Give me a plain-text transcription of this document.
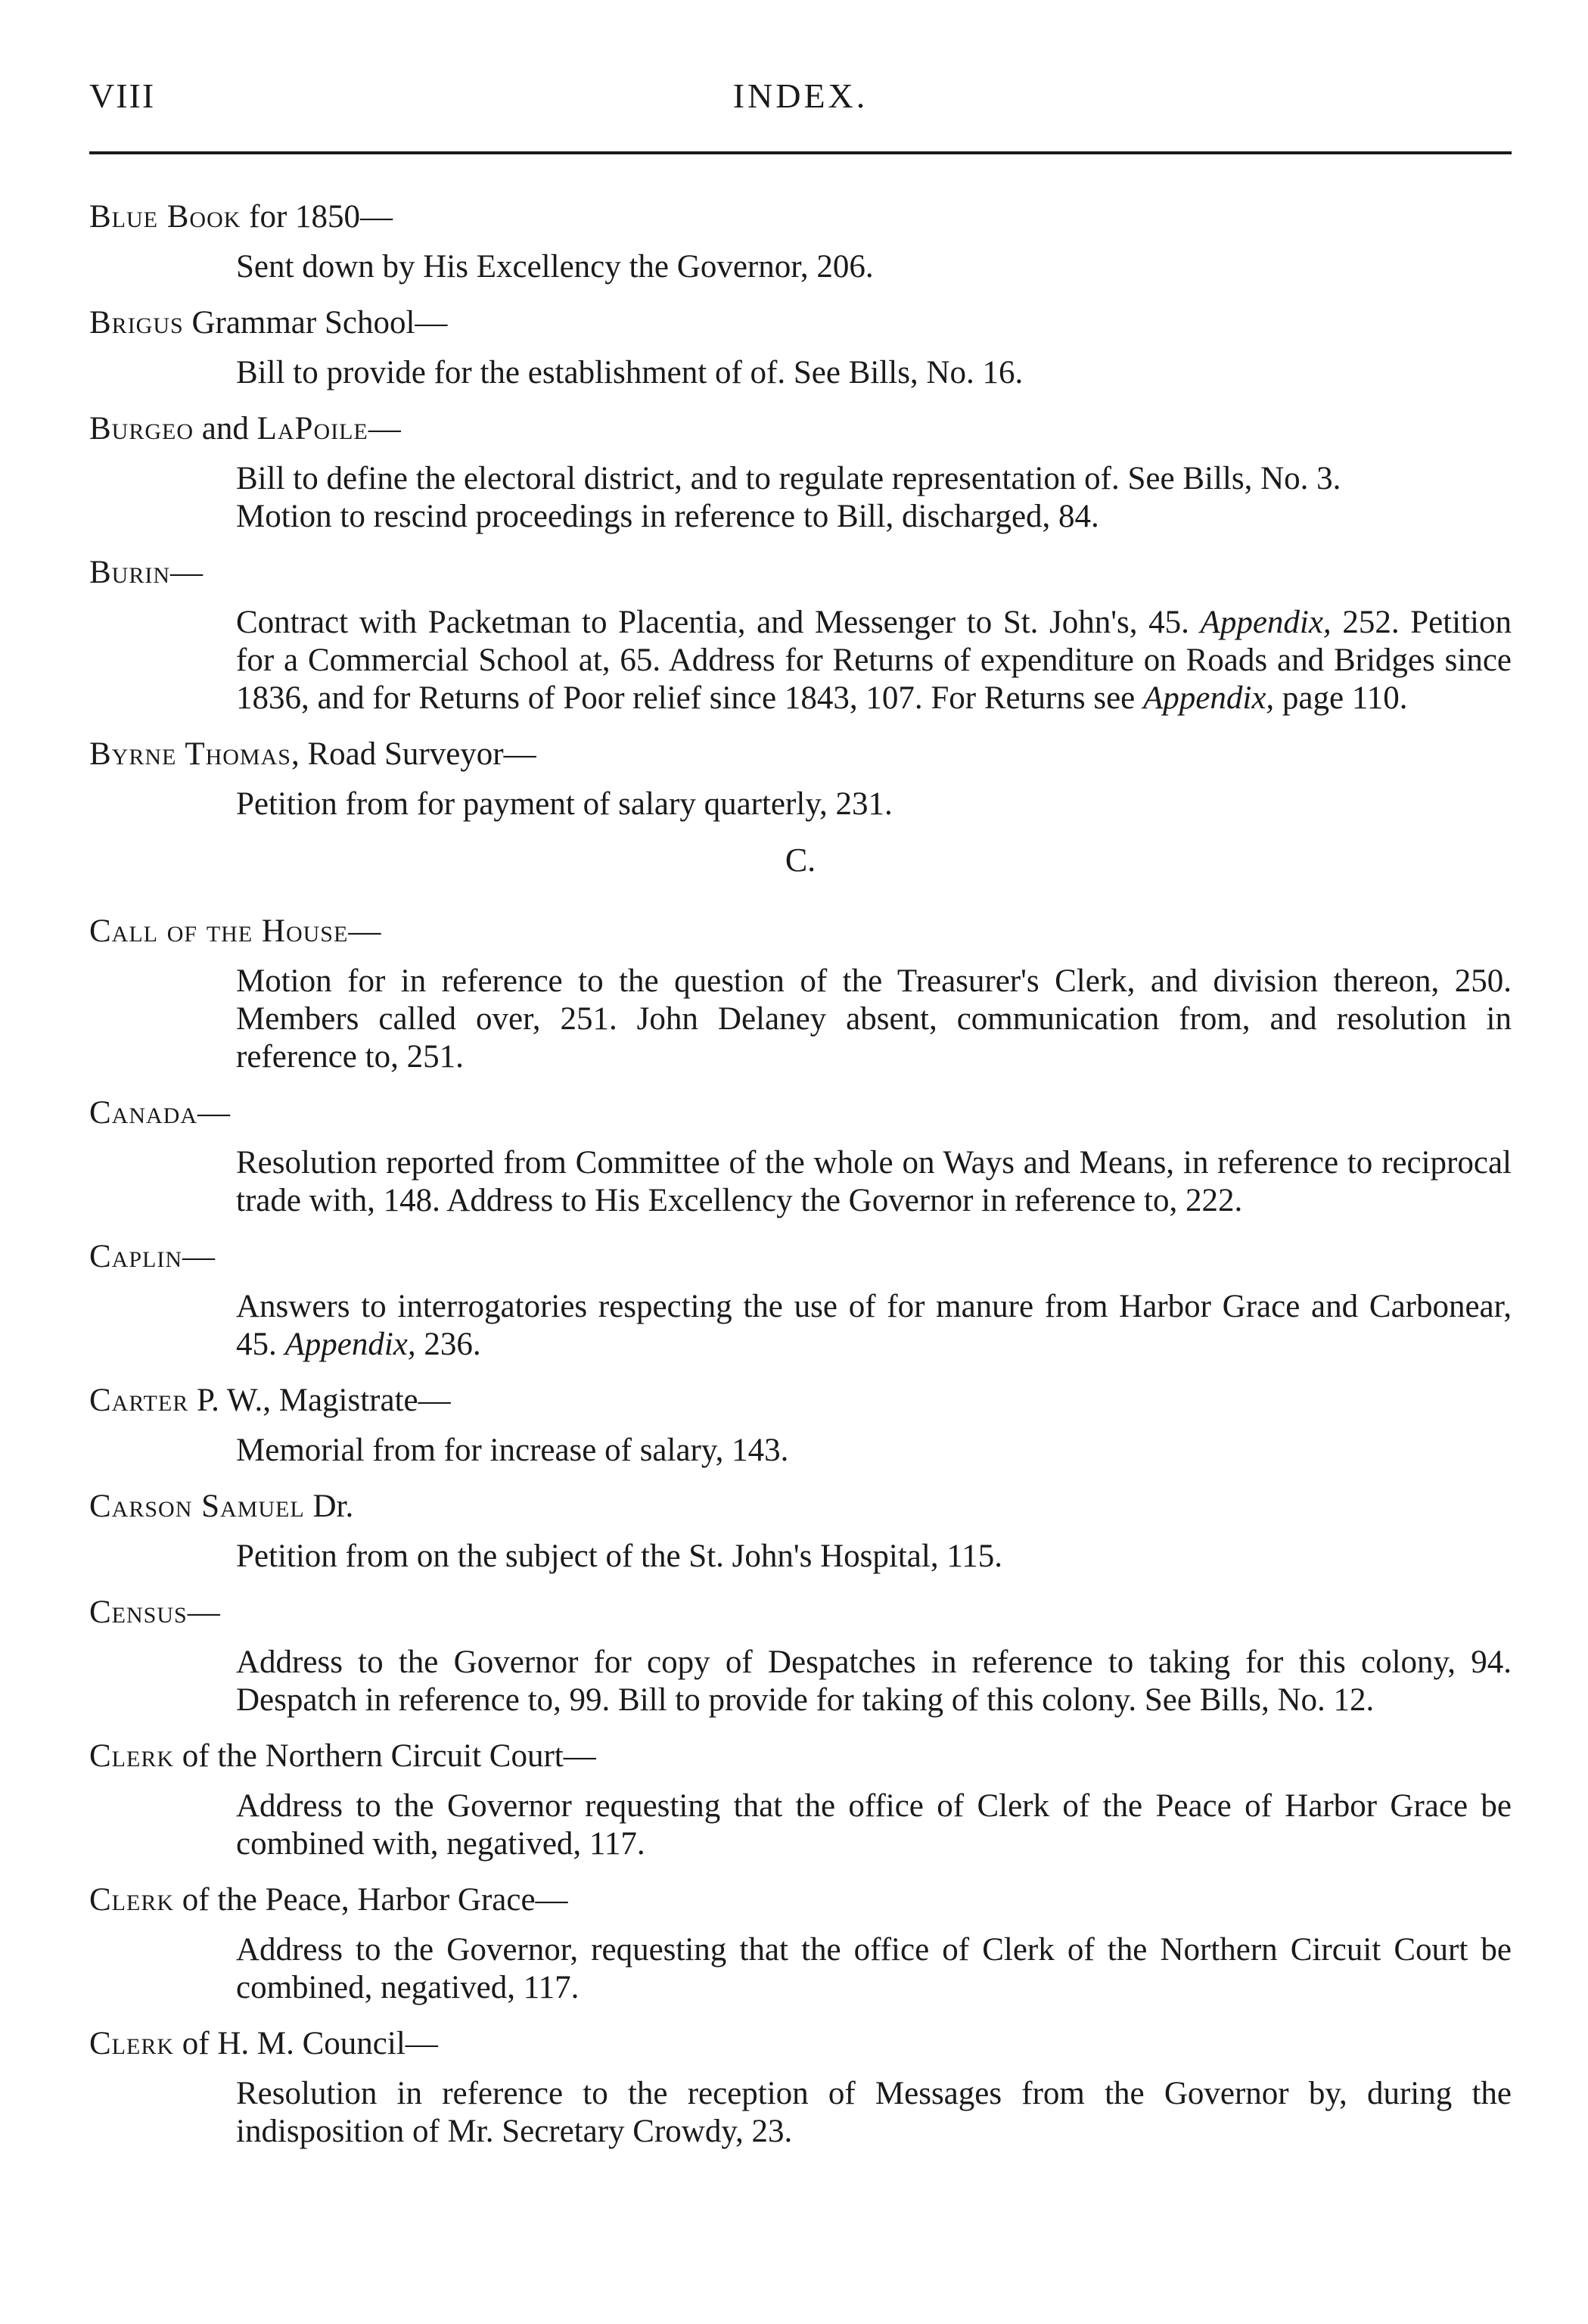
VIII	INDEX.
Blue Book for 1850—
Sent down by His Excellency the Governor, 206.
Brigus Grammar School—
Bill to provide for the establishment of of. See Bills, No. 16.
Burgeo and LaPoile—
Bill to define the electoral district, and to regulate representation of. See Bills, No. 3.
Motion to rescind proceedings in reference to Bill, discharged, 84.
Burin—
Contract with Packetman to Placentia, and Messenger to St. John's, 45. Appendix, 252. Petition for a Commercial School at, 65. Address for Returns of expenditure on Roads and Bridges since 1836, and for Returns of Poor relief since 1843, 107. For Returns see Appendix, page 110.
Byrne Thomas, Road Surveyor—
Petition from for payment of salary quarterly, 231.
C.
Call of the House—
Motion for in reference to the question of the Treasurer's Clerk, and division thereon, 250. Members called over, 251. John Delaney absent, communication from, and resolution in reference to, 251.
Canada—
Resolution reported from Committee of the whole on Ways and Means, in reference to reciprocal trade with, 148. Address to His Excellency the Governor in reference to, 222.
Caplin—
Answers to interrogatories respecting the use of for manure from Harbor Grace and Carbonear, 45. Appendix, 236.
Carter P. W., Magistrate—
Memorial from for increase of salary, 143.
Carson Samuel Dr.
Petition from on the subject of the St. John's Hospital, 115.
Census—
Address to the Governor for copy of Despatches in reference to taking for this colony, 94. Despatch in reference to, 99. Bill to provide for taking of this colony. See Bills, No. 12.
Clerk of the Northern Circuit Court—
Address to the Governor requesting that the office of Clerk of the Peace of Harbor Grace be combined with, negatived, 117.
Clerk of the Peace, Harbor Grace—
Address to the Governor, requesting that the office of Clerk of the Northern Circuit Court be combined, negatived, 117.
Clerk of H. M. Council—
Resolution in reference to the reception of Messages from the Governor by, during the indisposition of Mr. Secretary Crowdy, 23.
